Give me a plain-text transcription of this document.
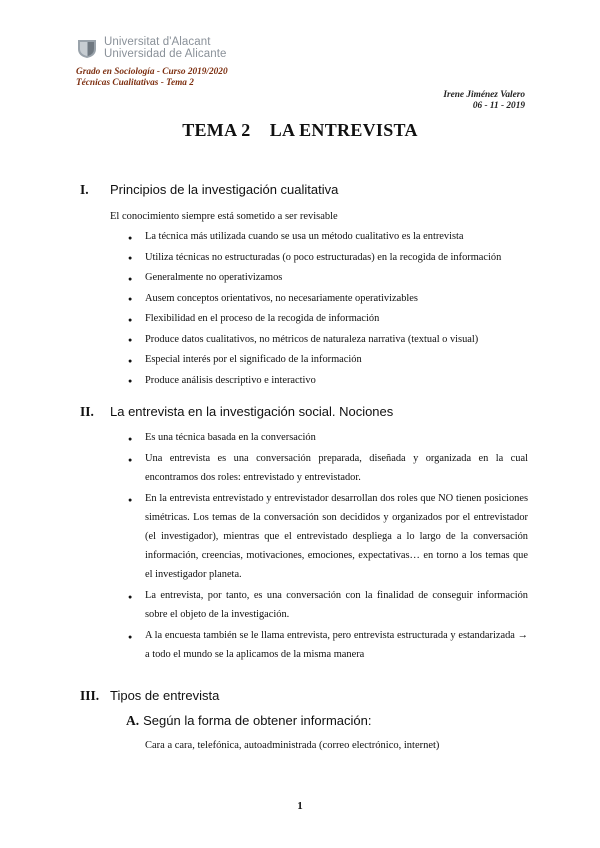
Universitat d'Alacant
Universidad de Alicante
Grado en Sociología - Curso 2019/2020
Técnicas Cualitativas - Tema 2
Irene Jiménez Valero
06 - 11 - 2019
TEMA 2    LA ENTREVISTA
I. Principios de la investigación cualitativa
El conocimiento siempre está sometido a ser revisable
● La técnica más utilizada cuando se usa un método cualitativo es la entrevista
● Utiliza técnicas no estructuradas (o poco estructuradas) en la recogida de información
● Generalmente no operativizamos
● Ausem conceptos orientativos, no necesariamente operativizables
● Flexibilidad en el proceso de la recogida de información
● Produce datos cualitativos, no métricos de naturaleza narrativa (textual o visual)
● Especial interés por el significado de la información
● Produce análisis descriptivo e interactivo
II. La entrevista en la investigación social. Nociones
● Es una técnica basada en la conversación
● Una entrevista es una conversación preparada, diseñada y organizada en la cual encontramos dos roles: entrevistado y entrevistador.
● En la entrevista entrevistado y entrevistador desarrollan dos roles que NO tienen posiciones simétricas. Los temas de la conversación son decididos y organizados por el entrevistador (el investigador), mientras que el entrevistado despliega a lo largo de la conversación información, creencias, motivaciones, emociones, expectativas… en torno a los temas que el investigador planeta.
● La entrevista, por tanto, es una conversación con la finalidad de conseguir información sobre el objeto de la investigación.
● A la encuesta también se le llama entrevista, pero entrevista estructurada y estandarizada → a todo el mundo se la aplicamos de la misma manera
III. Tipos de entrevista
A. Según la forma de obtener información:
Cara a cara, telefónica, autoadministrada (correo electrónico, internet)
1
